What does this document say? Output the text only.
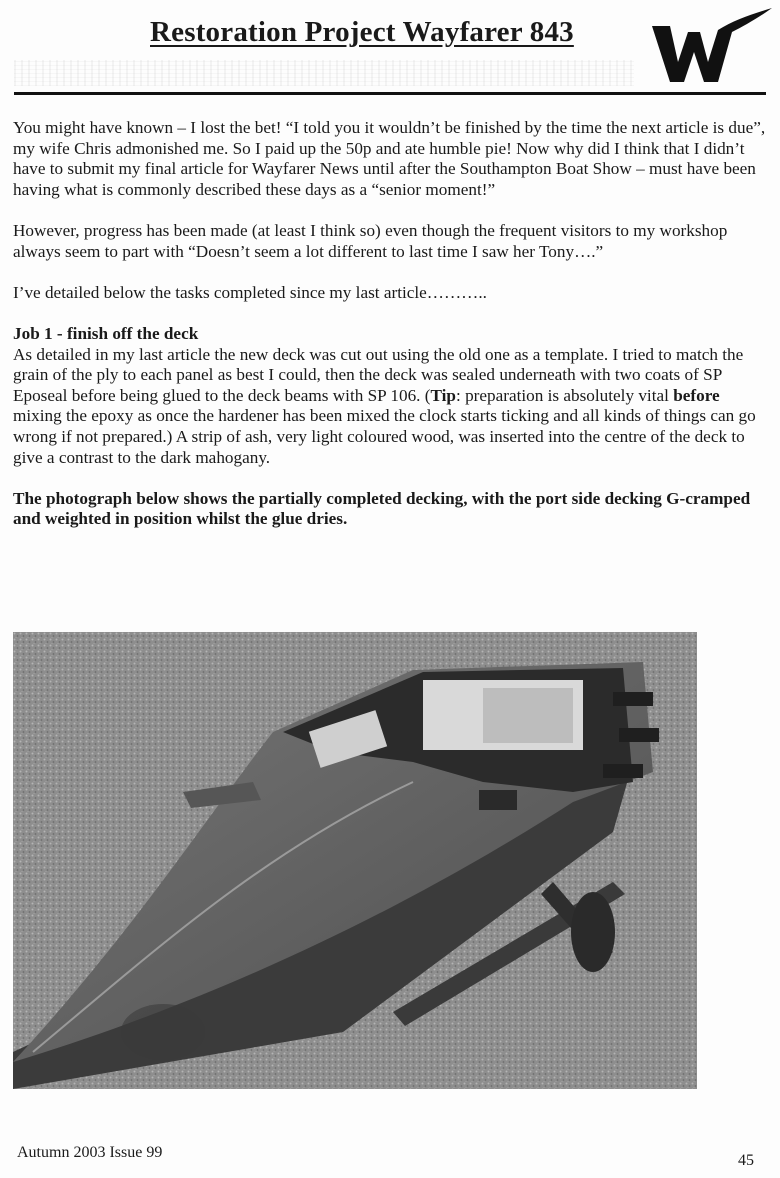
Restoration Project Wayfarer 843

You might have known – I lost the bet! “I told you it wouldn’t be finished by the time the next article is due”, my wife Chris admonished me. So I paid up the 50p and ate humble pie! Now why did I think that I didn’t have to submit my final article for Wayfarer News until after the Southampton Boat Show – must have been having what is commonly described these days as a “senior moment!”

However, progress has been made (at least I think so) even though the frequent visitors to my workshop always seem to part with “Doesn’t seem a lot different to last time I saw her Tony….”

I’ve detailed below the tasks completed since my last article………..

Job 1 - finish off the deck

As detailed in my last article the new deck was cut out using the old one as a template. I tried to match the grain of the ply to each panel as best I could, then the deck was sealed underneath with two coats of SP Eposeal before being glued to the deck beams with SP 106. (Tip: preparation is absolutely vital before mixing the epoxy as once the hardener has been mixed the clock starts ticking and all kinds of things can go wrong if not prepared.) A strip of ash, very light coloured wood, was inserted into the centre of the deck to give a contrast to the dark mahogany.

The photograph below shows the partially completed decking, with the port side decking G-cramped and weighted in position whilst the glue dries.

Autumn 2003 Issue 99	45
